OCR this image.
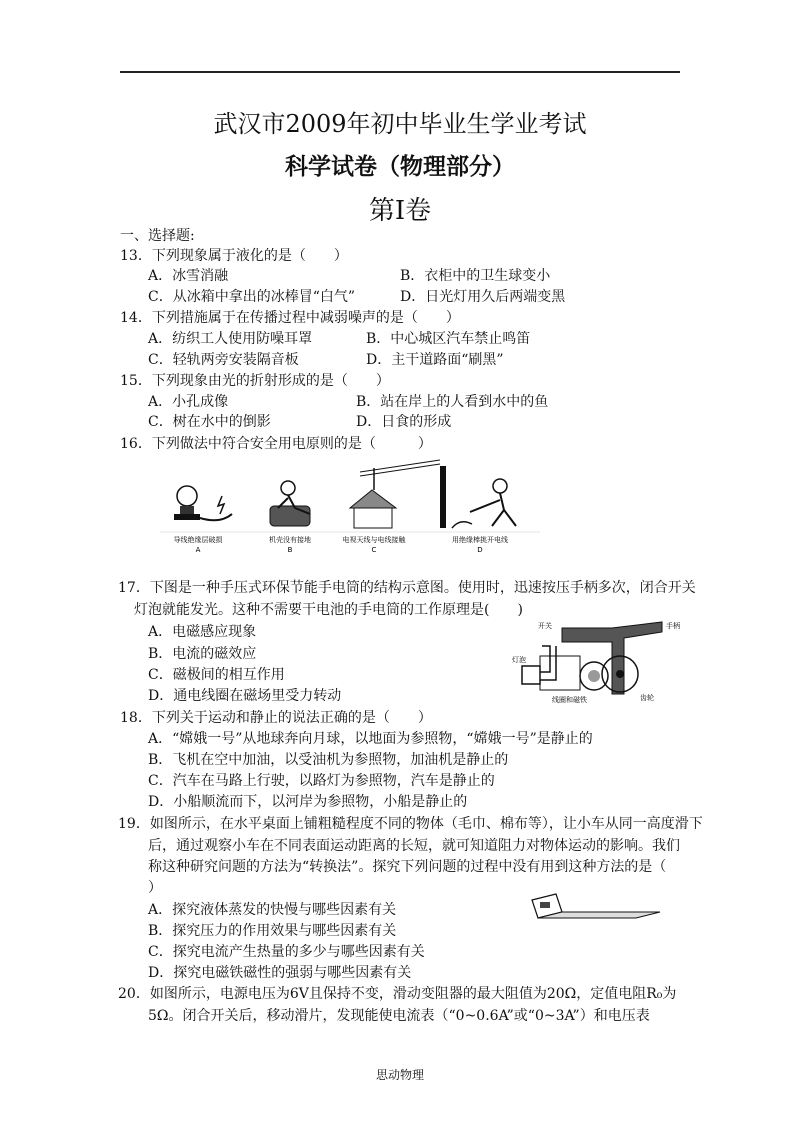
武汉市2009年初中毕业生学业考试
科学试卷（物理部分）
第Ⅰ卷
一、选择题:
13．下列现象属于液化的是（　　）
A．冰雪消融	B．衣柜中的卫生球变小
C．从冰箱中拿出的冰棒冒“白气”	D．日光灯用久后两端变黑
14．下列措施属于在传播过程中减弱噪声的是（　　）
A．纺织工人使用防噪耳罩	B．中心城区汽车禁止鸣笛
C．轻轨两旁安装隔音板	D．主干道路面“刷黑”
15．下列现象由光的折射形成的是（　　）
A．小孔成像	B．站在岸上的人看到水中的鱼
C．树在水中的倒影	D．日食的形成
16．下列做法中符合安全用电原则的是（　　　）
导线绝缘层破损	机壳没有接地	电视天线与电线接触	用绝缘棒挑开电线
A	B	C	D
17．下图是一种手压式环保节能手电筒的结构示意图。使用时，迅速按压手柄多次，闭合开关
灯泡就能发光。这种不需要干电池的手电筒的工作原理是(　　)
A．电磁感应现象
B．电流的磁效应
C．磁极间的相互作用
D．通电线圈在磁场里受力转动
开关	手柄
灯泡
线圈和磁铁	齿轮
18．下列关于运动和静止的说法正确的是（　　）
A．“嫦娥一号”从地球奔向月球，以地面为参照物，“嫦娥一号”是静止的
B．飞机在空中加油，以受油机为参照物，加油机是静止的
C．汽车在马路上行驶，以路灯为参照物，汽车是静止的
D．小船顺流而下，以河岸为参照物，小船是静止的
19．如图所示，在水平桌面上铺粗糙程度不同的物体（毛巾、棉布等），让小车从同一高度滑下
后，通过观察小车在不同表面运动距离的长短，就可知道阻力对物体运动的影响。我们
称这种研究问题的方法为“转换法”。探究下列问题的过程中没有用到这种方法的是（
）
A．探究液体蒸发的快慢与哪些因素有关
B．探究压力的作用效果与哪些因素有关
C．探究电流产生热量的多少与哪些因素有关
D．探究电磁铁磁性的强弱与哪些因素有关
20．如图所示，电源电压为6V且保持不变，滑动变阻器的最大阻值为20Ω，定值电阻R₀为
5Ω。闭合开关后，移动滑片，发现能使电流表（“0~0.6A”或“0~3A”）和电压表
思动物理
